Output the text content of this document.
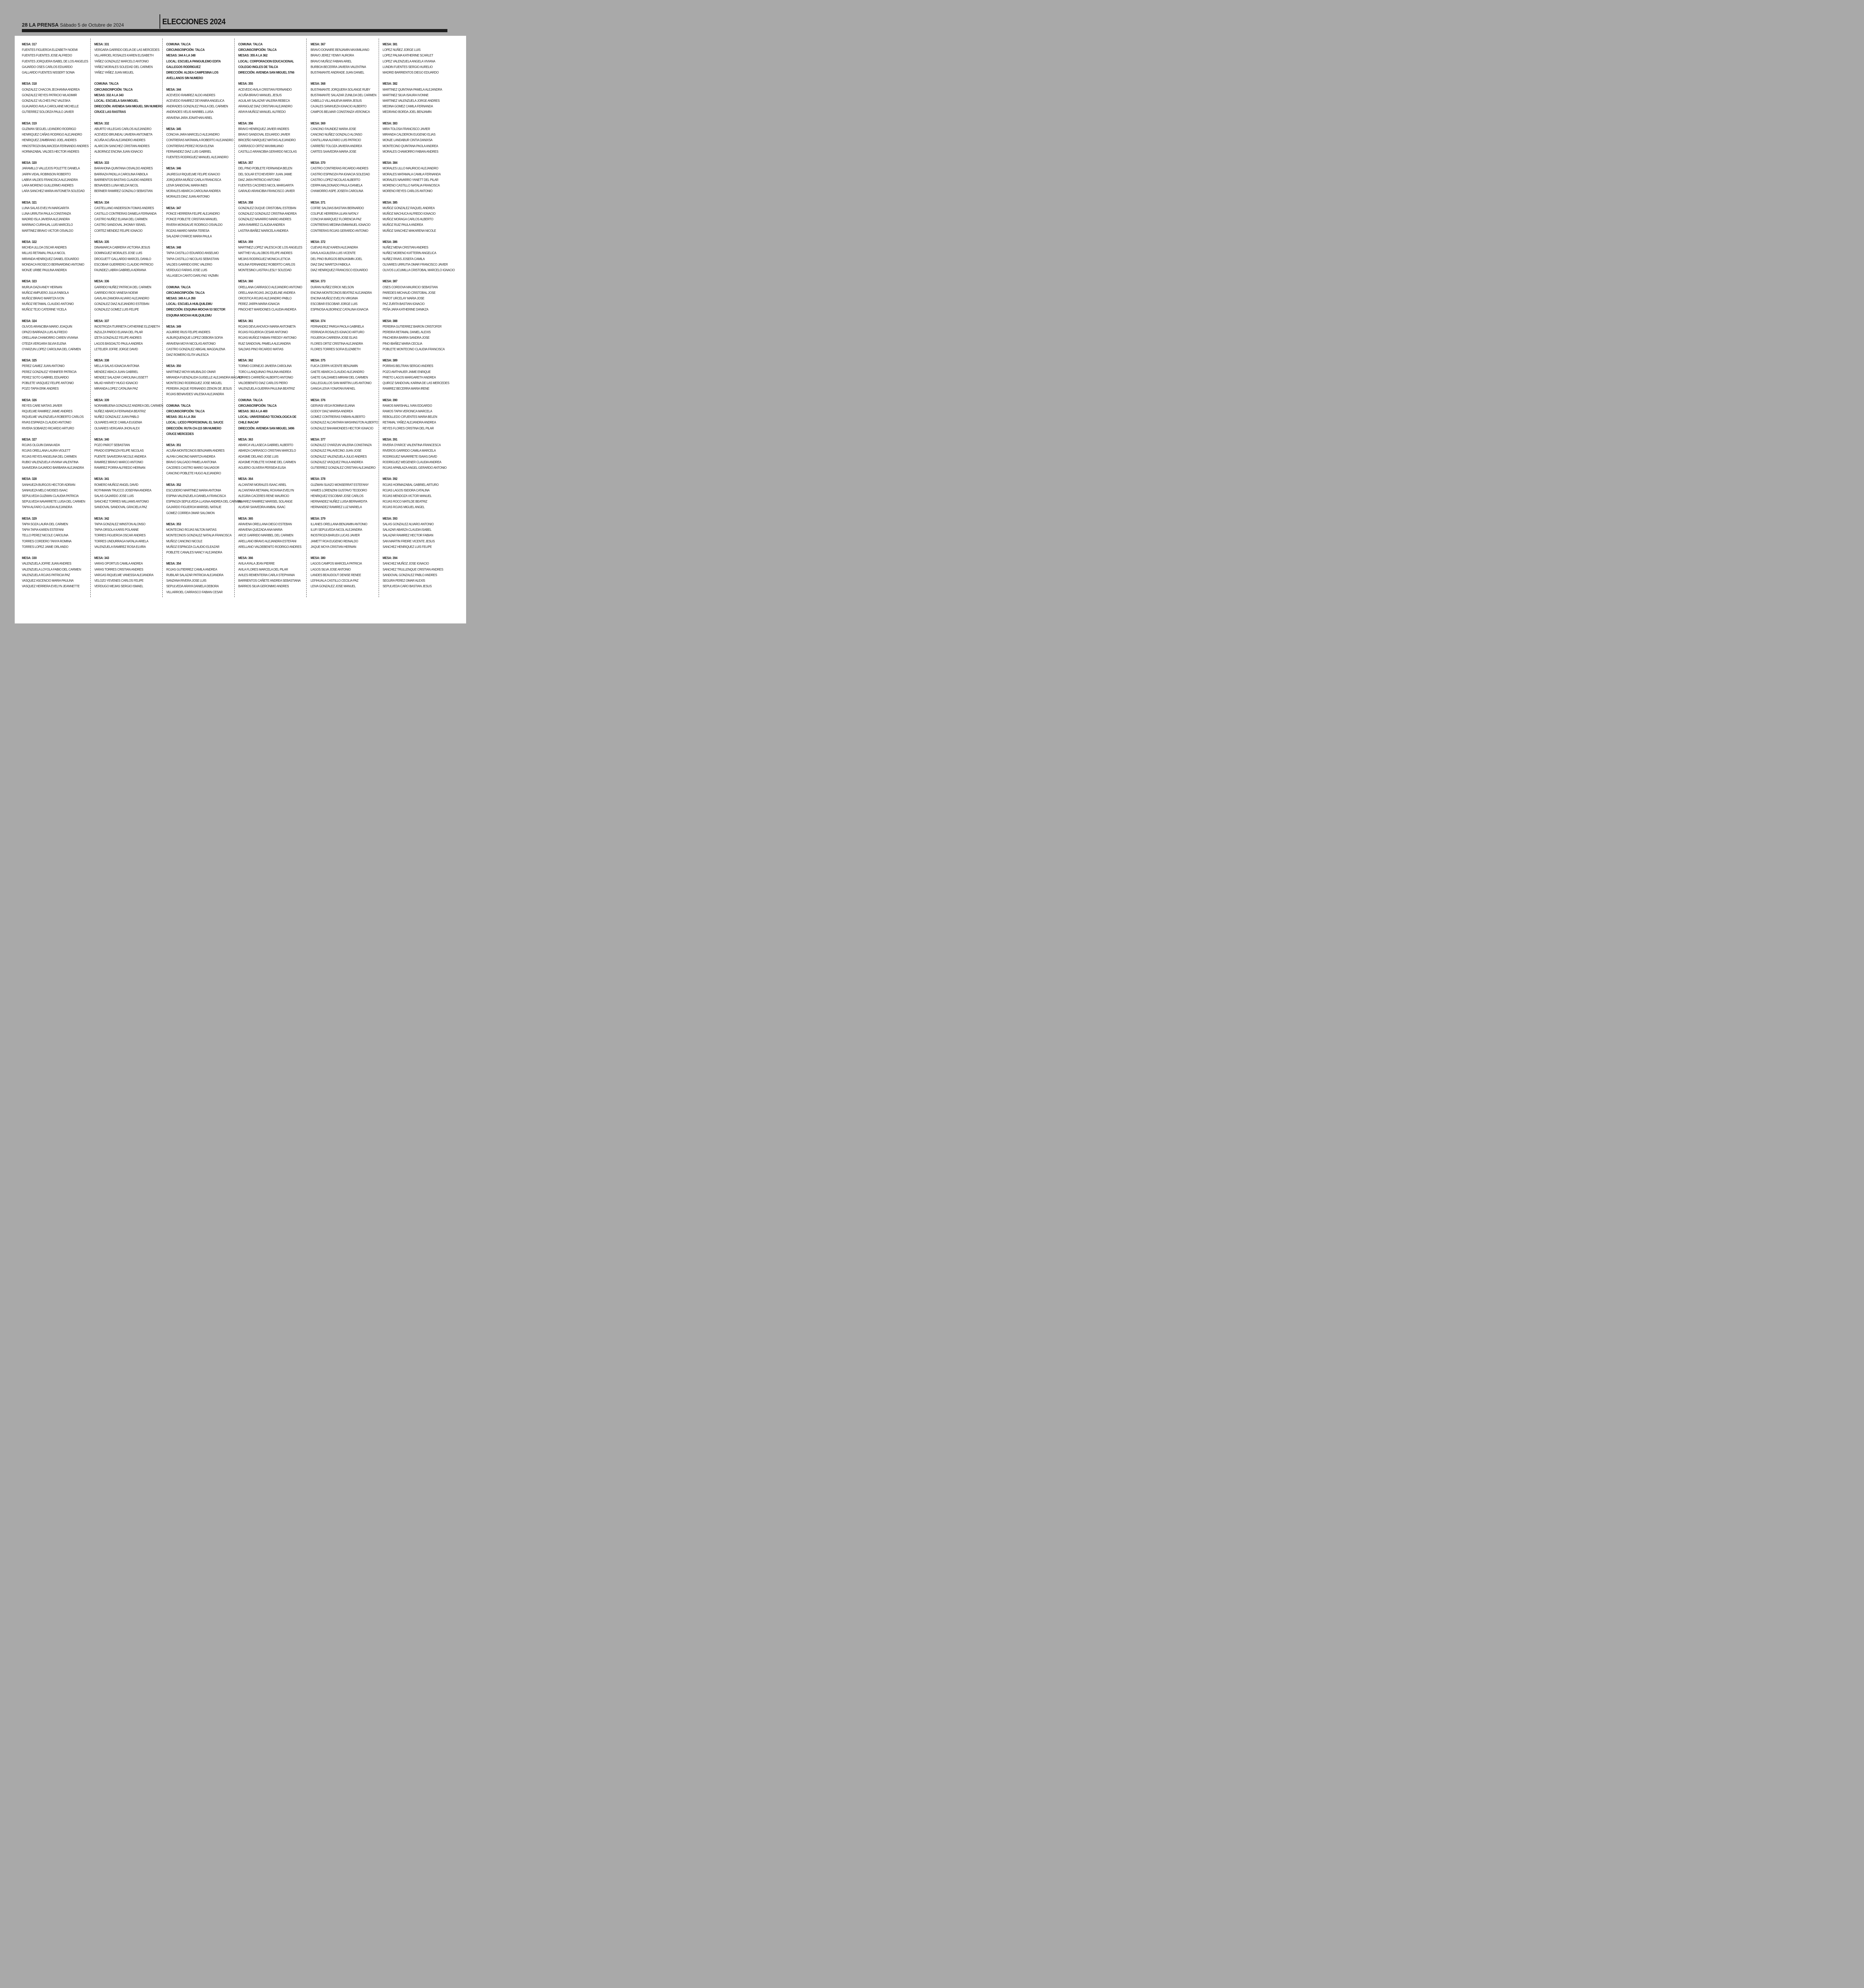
28 LA PRENSA Sábado 5 de Octubre de 2024	ELECCIONES 2024
MESA: 317
FUENTES FIGUEROA ELIZABETH NOEMI
FUENTES FUENTES JOSE ALFREDO
FUENTES JORQUERA ISABEL DE LOS ANGELES
GAJARDO OSES CARLOS EDUARDO
GALLARDO FUENTES NISSERT SONIA
MESA: 318
GONZALEZ CHACON JEOHANNA ANDREA
GONZALEZ REYES PATRICIO WLADIMIR
GONZALEZ VILCHES PAZ VALESKA
GUAJARDO AVILA CAROLAINE MICHELLE
GUTIERREZ SOLORZA PAULO JAVIER
MESA: 319
GUZMAN SEGUEL LEANDRO RODRIGO
HENRIQUEZ CAÑAS RODRIGO ALEJANDRO
HENRIQUEZ ZAMBRANO JOEL ANDRES
HINOSTROZA BALMACEDA FERNANDO ANDRES
HORMAZABAL VALDES HECTOR ANDRES
MESA: 320
JARAMILLO VALLEJOS POLETTE DANIELA
JARPA VIDAL ROBINSON ROBERTO
LABRA VALDES FRANCISCA ALEJANDRA
LARA MORENO GUILLERMO ANDRES
LARA SANCHEZ MARIA ANTONIETA SOLEDAD
MESA: 321
LUNA SALAS EVELYN MARGARITA
LUNA URRUTIA PAULA CONSTANZA
MADRID ISLA JAVIERA ALEJANDRA
MARINAO CURIHUAL LUIS MARCELO
MARTINEZ BRAVO VICTOR OSVALDO
MESA: 322
MICHEA ULLOA OSCAR ANDRES
MILLAS RETAMAL PAULA NICOL
MIRANDA HENRIQUEZ DANIEL EDUARDO
MONDACA RIOSECO BERNARDINO ANTONIO
MONJE URIBE PAULINA ANDREA
MESA: 323
MURUA DAZA ANDY HERNAN
MUÑOZ AMPUERO JULIA FABIOLA
MUÑOZ BRAVO MARITZA IVON
MUÑOZ RETAMAL CLAUDIO ANTONIO
MUÑOZ TEJO CATERINE YICELA
MESA: 324
OLIVOS ARANCIBIA MARIO JOAQUIN
OPAZO BARRAZA LUIS ALFREDO
ORELLANA CHAMORRO CAREN VIVIANA
OTEIZA VERGARA SILVIA ELENA
OYARZUN LOPEZ CAROLINA DEL CARMEN
MESA: 325
PEREZ GAMEZ JUAN ANTONIO
PEREZ GONZALEZ YENNIFER PATRICIA
PEREZ SOTO GABRIEL EDUARDO
POBLETE VASQUEZ FELIPE ANTONIO
POZO TAPIA ERIK ANDRES
MESA: 326
REYES CARE MATIAS JAVIER
RIQUELME RAMIREZ JAIME ANDRES
RIQUELME VALENZUELA ROBERTO CARLOS
RIVAS ESPARZA CLAUDIO ANTONIO
RIVERA SOBARZO RICARDO ARTURO
MESA: 327
ROJAS OLGUIN DIANA AIDA
ROJAS ORELLANA LAURA VIOLETT
ROJAS REYES ANGELINA DEL CARMEN
RUBIO VALENZUELA VIVIANA VALENTINA
SAAVEDRA GAJARDO BARBARA ALEJANDRA
MESA: 328
SANHUEZA BURGOS HECTOR ADRIAN
SANHUEZA MELO MOISES ISAAC
SEPULVEDA GUZMAN CLAUDIA PATRICIA
SEPULVEDA NAVARRETE LUISA DEL CARMEN
TAPIA ALFARO CLAUDIA ALEJANDRA
MESA: 329
TAPIA SOZA LAURA DEL CARMEN
TAPIA TAPIA KAREN ESTEFANI
TELLO PEREZ NICOLE CAROLINA
TORRES CORDERO TANYA ROMINA
TORRES LOPEZ JAIME ORLANDO
MESA: 330
VALENZUELA JOFRE JUAN ANDRES
VALENZUELA LOYOLA FABIO DEL CARMEN
VALENZUELA ROJAS PATRICIA PAZ
VASQUEZ ASCENCIO MARIA PAULINA
VASQUEZ HERRERA EVELYN JEANNETTE
MESA: 331
VERGARA GARRIDO DELIA DE LAS MERCEDES
VILLARROEL ROSALES KAREN ELISABETH
YAÑEZ GONZALEZ MARCELO ANTONIO
YAÑEZ MORALES SOLEDAD DEL CARMEN
YAÑEZ YAÑEZ JUAN MIGUEL
COMUNA: TALCA
CIRCUNSCRIPCIÓN: TALCA
MESAS: 332 A LA 343
LOCAL: ESCUELA SAN MIGUEL
DIRECCIÓN: AVENIDA SAN MIGUEL SIN NUMERO
CRUCE LAS RASTRAS
MESA: 332
ABURTO VILLEGAS CARLOS ALEJANDRO
ACEVEDO BRUNEAU JAVIERA ANTONIETA
ACUÑA ACUÑA ALEJANDRO ANDRES
ALARCON SANCHEZ CRISTIAN ANDRES
ALBORNOZ ENCINA JUAN IGNACIO
MESA: 333
BARAHONA QUINTANA OSVALDO ANDRES
BARRAZA PADILLA CAROLINA FABIOLA
BARRIENTOS BASTIAS CLAUDIO ANDRES
BENAVIDES LUNA NELDA NICOL
BERNIER RAMIREZ GONZALO SEBASTIAN
MESA: 334
CASTELLANO ANDERSON TOMAS ANDRES
CASTILLO CONTRERAS DANIELA FERNANDA
CASTRO NUÑEZ ELIANA DEL CARMEN
CASTRO SANDOVAL JHONNY ISRAEL
CORTEZ MENDEZ FELIPE IGNACIO
MESA: 335
DINAMARCA CABRERA VICTORIA JESUS
DOMINGUEZ MORALES JOSE LUIS
DROGUETT GALLARDO MARCEL DANILO
ESCOBAR GUERRERO CLAUDIO PATRICIO
FAUNDEZ LABRA GABRIELA ADRIANA
MESA: 336
GARRIDO NUÑEZ PATRICIA DEL CARMEN
GARRIDO RIOS VANESA NOEMI
GAVILAN ZAMORA ALVARO ALEJANDRO
GONZALEZ DIAZ ALEJANDRO ESTEBAN
GONZALEZ GOMEZ LUIS FELIPE
MESA: 337
INOSTROZA ITURRIETA CATHERINE ELIZABETH
INZULZA PARDO ELIANA DEL PILAR
IZETA GONZALEZ FELIPE ANDRES
LAGOS BASOALTO PAULA ANDREA
LETELIER JOFRE JORGE DAVID
MESA: 338
MELLA SALAS IGNACIA ANTONIA
MENDEZ ABACA JUAN GABRIEL
MENDEZ SALAZAR CAROLINA LISSETT
MILAD HARVEY HUGO IGNACIO
MIRANDA LOPEZ CATALINA PAZ
MESA: 339
NORAMBUENA GONZALEZ ANDREA DEL CARMEN
NUÑEZ ABARCA FERNANDA BEATRIZ
NUÑEZ GONZALEZ JUAN PABLO
OLIVARES ARCE CAMILA EUGENIA
OLIVARES VERGARA JHON ALEX
MESA: 340
POZO PAROT SEBASTIAN
PRADO ESPINOZA FELIPE NICOLAS
PUENTE SAAVEDRA NICOLE ANDREA
RAMIREZ BRAVO MARCO ANTONIO
RAMIREZ PORRA ALFREDO HERNAN
MESA: 341
ROMERO MUÑOZ ANGEL DAVID
ROTHMANN TRUCCO JOSEFINA ANDREA
SALAS GAJARDO JOSE LUIS
SANCHEZ TORRES WILLIAMS ANTONIO
SANDOVAL SANDOVAL GRACIELA PAZ
MESA: 342
TAPIA GONZALEZ WINSTON ALONSO
TAPIA ORSOLA KARIS POLANNE
TORRES FIGUEROA OSCAR ANDRES
TORRES UNDURRAGA NATALIA ARIELA
VALENZUELA RAMIREZ ROSA ELVIRA
MESA: 343
VARAS OPORTUS CAMILA ANDREA
VARAS TORRES CRISTIAN ANDRES
VARGAS RIQUELME VANESSA ALEJANDRA
VELOZO YEVENES CARLOS FELIPE
VERDUGO MEJIAS SERGIO ISMAEL
COMUNA: TALCA
CIRCUNSCRIPCIÓN: TALCA
MESAS: 344 A LA 348
LOCAL: ESCUELA PANGUILEMO EDITA
GALLEGOS RODRIGUEZ
DIRECCIÓN: ALDEA CAMPESINA LOS
AVELLANOS SIN NUMERO
MESA: 344
ACEVEDO RAMIREZ ALDO ANDRES
ACEVEDO RAMIREZ DEYANIRA ANGELICA
ANDRADES GONZALEZ PAULA DEL CARMEN
ANDRADES VELIS MARIBEL LUISA
ARAVENA JARA JONATHAN ARIEL
MESA: 345
CONCHA JARA MARCELO ALEJANDRO
CONTRERAS MATAMALA ROBERTO ALEJANDRO
CONTRERAS PEREZ ROSA ELENA
FERNANDEZ DIAZ LUIS GABRIEL
FUENTES RODRIGUEZ MANUEL ALEJANDRO
MESA: 346
JAUREGUI RIQUELME FELIPE IGNACIO
JORQUERA MUÑOZ CARLA FRANCISCA
LEIVA SANDOVAL MARIA INES
MORALES ABARCA CAROLINA ANDREA
MORALES DIAZ JUAN ANTONIO
MESA: 347
PONCE HERRERA FELIPE ALEJANDRO
PONCE POBLETE CRISTIAN MANUEL
RIVERA MONSALVE RODRIGO OSVALDO
ROZAS AMARO MARIA TERESA
SALAZAR OYARCE MARIA PAULA
MESA: 348
TAPIA CASTILLO EDUARDO ANSELMO
TAPIA CASTILLO NICOLAS SEBASTIAN
VALDES GARRIDO ERIC VALERIO
VERDUGO FARIAS JOSE LUIS
VILLASECA CANTO DARLYNG YAZMIN
COMUNA: TALCA
CIRCUNSCRIPCIÓN: TALCA
MESAS: 349 A LA 350
LOCAL: ESCUELA HUILQUILEMU
DIRECCIÓN: ESQUINA MOCHA 53 SECTOR
ESQUINA MOCHA HUILQUILEMU
MESA: 349
AGUIRRE RIUS FELIPE ANDRES
ALBURQUENQUE LOPEZ DEBORA SOFIA
ARAVENA MOYA NICOLAS ANTONIO
CASTRO GONZALEZ ABIGAIL MAGDALENA
DIAZ ROMERO ELITA VALESCA
MESA: 350
MARTINEZ MOYA WILIBALDO OMAR
MIRANDA FUENZALIDA GUISELLE ALEJANDRA MAGALY
MONTECINO RODRIGUEZ JOSE MIGUEL
PEREIRA JAQUE FERNANDO ZENON DE JESUS
ROJAS BENAVIDES VALESKA ALEJANDRA
COMUNA: TALCA
CIRCUNSCRIPCIÓN: TALCA
MESAS: 351 A LA 354
LOCAL: LICEO PROFESIONAL EL SAUCE
DIRECCIÓN: RUTA CH-115 SIN NUMERO
CRUCE MERCEDES
MESA: 351
ACUÑA MONTECINOS BENJAMIN ANDRES
ALFAN CANCINO MARITZA ANDREA
BRAVO SALGADO PAMELA ANTONIA
CACERES CASTRO MARIO SALVADOR
CANCINO POBLETE HUGO ALEJANDRO
MESA: 352
ESCUDERO MARTINEZ MARIA ANTONIA
ESPINA VALENZUELA DANIELA FRANCISCA
ESPINOZA SEPULVEDA LLASNA ANDREA DEL CARMEN
GAJARDO FIGUEROA MARISEL NATALIE
GOMEZ CORREA OMAR SALOMON
MESA: 353
MONTECINO ROJAS NILTON MATIAS
MONTECINOS GONZALEZ NATALIA FRANCISCA
MUÑOZ CANCINO NICOLE
MUÑOZ ESPINOZA CLAUDIO ELEAZAR
POBLETE CANALES NANCY ALEJANDRA
MESA: 354
ROJAS GUTIERREZ CAMILA ANDREA
RUBILAR SALAZAR PATRICIA ALEJANDRA
SANZANA RIVERA JOSE LUIS
SEPULVEDA ARAYA DANIELA DEBORA
VILLARROEL CARRASCO FABIAN CESAR
COMUNA: TALCA
CIRCUNSCRIPCIÓN: TALCA
MESAS: 355 A LA 362
LOCAL: CORPORACION EDUCACIONAL
COLEGIO INGLES DE TALCA
DIRECCIÓN: AVENIDA SAN MIGUEL 5766
MESA: 355
ACEVEDO AVILA CRISTIAN FERNANDO
ACUÑA BRAVO MANUEL JESUS
AGUILAR SALAZAR VALERIA REBECA
ARANGUIZ DIAZ CRISTIAN ALEJANDRO
ARAYA MUÑOZ MANUEL ALFREDO
MESA: 356
BRAVO HENRIQUEZ JAVIER ANDRES
BRAVO SANDOVAL EDUARDO JAVIER
BRICEÑO MARQUEZ MATIAS ALEJANDRO
CARRASCO ORTIZ MAXIMILIANO
CASTILLO ARANCIBIA GERARDO NICOLAS
MESA: 357
DEL PINO POBLETE FERNANDA BELEN
DEL SOLAR ETCHEVERRY JUAN JAIME
DIAZ JARA PATRICIO ANTONIO
FUENTES CACERES NICOL MARGARITA
GARAUD ARANCIBIA FRANCISCO JAVIER
MESA: 358
GONZALEZ DUQUE CRISTOBAL ESTEBAN
GONZALEZ GONZALEZ CRISTINA ANDREA
GONZALEZ NAVARRO MARIO ANDRES
JARA RAMIREZ CLAUDIA ANDREA
LASTRA IBAÑEZ MARICELA ANDREA
MESA: 359
MARTINEZ LOPEZ VALESCA DE LOS ANGELES
MATTHEI VILLALOBOS FELIPE ANDRES
MEJIAS RODRIGUEZ MONICA LETICIA
MOLINA FERNANDEZ ROBERTO CARLOS
MONTESINO LASTRA LESLY SOLEDAD
MESA: 360
ORELLANA CARRASCO ALEJANDRO ANTONIO
ORELLANA ROJAS JACQUELINE ANDREA
OROSTICA ROJAS ALEJANDRO PABLO
PEREZ JARPA MARIA IGNACIA
PINOCHET MARDONES CLAUDIA ANDREA
MESA: 361
ROJAS DEVLAHOVICH MARIA ANTONIETA
ROJAS FIGUEROA CESAR ANTONIO
ROJAS MUÑOZ FABIAN FREDDY ANTONIO
RUIZ SANDOVAL PAMELA ALEJANDRA
SALDIAS PINO RICARDO MATIAS
MESA: 362
TORMO CORNEJO JAVIERA CAROLINA
TORO LLANQUINAO PAULINA ANDREA
TORRES CARREÑO ALBERTO ANTONIO
VALDEBENITO DIAZ CARLOS PIERO
VALENZUELA GUERRA PAULINA BEATRIZ
COMUNA: TALCA
CIRCUNSCRIPCIÓN: TALCA
MESAS: 363 A LA 400
LOCAL: UNIVERSIDAD TECNOLOGICA DE
CHILE INACAP
DIRECCIÓN: AVENIDA SAN MIGUEL 3496
MESA: 363
ABARCA VILLASECA GABRIEL ALBERTO
ABARZA CARRASCO CRISTIAN MARCELO
ADASME DELANO JOSE LUIS
ADASME POBLETE IVONNE DEL CARMEN
AGUERO OLIVERA PERSIDA ELISA
MESA: 364
ALCANTAR MORALES ISAAC ARIEL
ALCANTARA RETAMAL ROXANA EVELYN
ALEGRIA CACERES RENE MAURICIO
ALVAREZ RAMIREZ MARISEL SOLANGE
ALVEAR SAAVEDRA ANIBAL ISAAC
MESA: 365
ARAVENA ORELLANA DIEGO ESTEBAN
ARAVENA QUEZADA ANA MARIA
ARCE GARRIDO MARIBEL DEL CARMEN
ARELLANO BRAVO ALEJANDRA ESTEFANI
ARELLANO VALDEBENITO RODRIGO ANDRES
MESA: 366
AVILA AYALA JEAN PIERRE
AVILA FLORES MARCELA DEL PILAR
AVILES REMENTERIA CARLA STEPHANIA
BARRIENTOS CAÑETE ANDREA SEBASTIANA
BARRIOS SILVA GERONIMO ANDRES
MESA: 367
BRAVO DONAIRE BENJAMIN MAXIMILIANO
BRAVO JEREZ YENNY AURORA
BRAVO MUÑOZ FABIAN ARIEL
BURBOA BECERRA JAVIERA VALENTINA
BUSTAMANTE ANDRADE JUAN DANIEL
MESA: 368
BUSTAMANTE JORQUERA SOLANGE RUBY
BUSTAMANTE SALAZAR ZUNILDA DEL CARMEN
CABELLO VILLANUEVA MARIA JESUS
CAJALES SANHUEZA IGNACIO ALBERTO
CAMPOS BELMAR CONSTANZA VERONICA
MESA: 369
CANCINO FAUNDEZ MARIA JOSE
CANCINO NUÑEZ GONZALO ALONSO
CANTILLANA ALFARO LUIS PATRICIO
CARREÑO TOLOZA JAVIERA ANDREA
CARTES SAAVEDRA MARIA JOSE
MESA: 370
CASTRO CONTRERAS RICARDO ANDRES
CASTRO ESPINOZA PIA IGNACIA SOLEDAD
CASTRO LOPEZ NICOLAS ALBERTO
CERPA MALDONADO PAULA DANIELA
CHAMORRO ASPE JOSEFA CAROLINA
MESA: 371
COFRE SALDIAS BASTIAN BERNARDO
COLIPUE HERRERA LILIAN NATALY
CONCHA MARQUEZ FLORENCIA PAZ
CONTRERAS MEDINA EMMANUEL IGNACIO
CONTRERAS ROJAS GERARDO ANTONIO
MESA: 372
CUEVAS RUIZ KAREN ALEJANDRA
DAVILA AGUILERA LUIS VICENTE
DEL PINO BURGOS BENJASMIN JOEL
DIAZ DIAZ MARITZA FABIOLA
DIAZ HENRIQUEZ FRANCISCO EDUARDO
MESA: 373
DURAN NUÑEZ ERICK NELSON
ENCINA MONTECINOS BEATRIZ ALEJANDRA
ENCINA MUÑOZ EVELYN VIRGINIA
ESCOBAR ESCOBAR JORGE LUIS
ESPINOSA ALBORNOZ CATALINA IGNACIA
MESA: 374
FERNANDEZ PARGA PAOLA GABRIELA
FERRADA ROSALES IGNACIO ARTURO
FIGUEROA CARRERA JOSE ELIAS
FLORES ORTIZ CRISTINA ALEJANDRA
FLORES TORRES SOFIA ELIZABETH
MESA: 375
FUICA CERPA VICENTE BENJAMIN
GAETE ABARCA CLAUDIO ALEJANDRO
GAETE GALDAMES MIRIAM DEL CARMEN
GALLEGUILLOS SAN MARTIN LUIS ANTONIO
GANGA LEIVA YONATAN RAFAEL
MESA: 376
GERVASI VEGA ROMINA ELIANA
GODOY DIAZ MARISA ANDREA
GOMEZ CONTRERAS FABIAN ALBERTO
GONZALEZ ALCANTARA WASHINGTON ALBERTO
GONZALEZ BAHAMONDES HECTOR IGNACIO
MESA: 377
GONZALEZ OYARZUN VALERIA CONSTANZA
GONZALEZ PALAVECINO JUAN JOSE
GONZALEZ VALENZUELA JULIO ANDRES
GONZALEZ VASQUEZ PAULA ANDREA
GUTIERREZ GONZALEZ CRISTIAN ALEJANDRO
MESA: 378
GUZMAN SUAZO MONSERRAT ESTEFANY
HAWES LORENZINI GUSTAVO TEODORO
HENRIQUEZ ESCOBAR JOSE CARLOS
HERNANDEZ NUÑEZ LUISA BERNARDITA
HERNANDEZ RAMIREZ LUZ MARIELA
MESA: 379
ILLANES ORELLANA BENJAMIN ANTONIO
ILUFI SEPULVEDA NICOL ALEJANDRA
INOSTROZA BARUDI LUCAS JAVIER
JAMETT ROA EUGENIO REINALDO
JAQUE MOYA CRISTIAN HERNAN
MESA: 380
LAGOS CAMPOS MARCELA PATRICIA
LAGOS SILVA JOSE ANTONIO
LANDES BEAUDOUT DENISE RENEE
LEFIHUALA CASTILLO CECILIA PAZ
LEIVA GONZALEZ JOSE MANUEL
MESA: 381
LOPEZ NUÑEZ JORGE LUIS
LOPEZ PALMA KATHERINE SCARLET
LOPEZ VALENZUELA ANGELA VIVIANA
LUNDIN FUENTES SERGIO AURELIO
MADRID BARRIENTOS DIEGO EDUARDO
MESA: 382
MARTINEZ QUINTANA PAMELA ALEJANDRA
MARTINEZ SILVA ISAURA IVONNE
MARTINEZ VALENZUELA JORGE ANDRES
MEDINA GOMEZ CAMILA FERNANDA
MEDRANO BORDA JOEL BENJAMIN
MESA: 383
MIRA TOLOSA FRANCISCO JAVIER
MIRANDA CALDERON EUGENIO ELIAS
MONJE LANDABUR CINTIA DANIXSA
MONTECINO QUINTANA PAOLA ANDREA
MORALES CHAMORRO FABIAN ANDRES
MESA: 384
MORALES LILLO MAURICIO ALEJANDRO
MORALES MATAMALA CAMILA FERNANDA
MORALES NAVARRO YANETT DEL PILAR
MORENO CASTILLO NATALIA FRANCISCA
MORENO REYES CARLOS ANTONIO
MESA: 385
MUÑOZ GONZALEZ RAQUEL ANDREA
MUÑOZ MACHUCA ALFREDO IGNACIO
MUÑOZ MORAGA CARLOS ALBERTO
MUÑOZ RUIZ PAULA ANDREA
MUÑOZ SANCHEZ MAKARENA NICOLE
MESA: 386
NUÑEZ MENA CRISTIAN ANDRES
NUÑEZ MORENO KATTERIN ANGELICA
NUÑEZ RIVAS JOSEFA CAMILA
OLIVARES URRUTIA OMAR FRANCISCO JAVIER
OLIVOS LUCUMILLA CRISTOBAL MARCELO IGNACIO
MESA: 387
OSES CORDOVA MAURICIO SEBASTIAN
PAREDES MICHAUD CRISTOBAL JOSE
PAROT URCELAY MARIA JOSE
PAZ ZURITA BASTIAN IGNACIO
PEÑA JARA KATHERINE DANIKZA
MESA: 388
PEREIRA GUTIERREZ BAIRON CRISTOFER
PEREIRA RETAMAL DANIEL ALEXIS
PINCHEIRA BARRA SANDRA JOSE
PINO IBAÑEZ MARIA CECILIA
POBLETE MONTECINO CLAUDIA FRANCISCA
MESA: 389
PORRAS BELTRAN SERGIO ANDRES
POZO AMTHAUER JAIME ENRIQUE
PRIETO LAGOS MARGARETH ANDREA
QUIROZ SANDOVAL KARINA DE LAS MERCEDES
RAMIREZ BECERRA MARIA IRENE
MESA: 390
RAMOS MARSHALL IVAN EDGARDO
RAMOS TAPIA VERONICA MARCELA
REBOLLEDO CIFUENTES MARIA BELEN
RETAMAL YAÑEZ ALEJANDRA ANDREA
REYES FLORES CRISTINA DEL PILAR
MESA: 391
RIVERA OYARCE VALENTINA FRANCESCA
RIVEROS GARRIDO CAMILA MARCELA
RODRIGUEZ NAVARRETE ISAIAS DAVID
RODRIGUEZ WEGENER CLAUDIA ANDREA
ROJAS APABLAZA ANGEL GERARDO ANTONIO
MESA: 392
ROJAS HORMAZABAL GABRIEL ARTURO
ROJAS LAGOS ISIDORA CATALINA
ROJAS MENDOZA VICTOR MANUEL
ROJAS ROCO MATILDE BEATRIZ
ROJAS ROJAS MIGUEL ANGEL
MESA: 393
SALAS GONZALEZ ALVARO ANTONIO
SALAZAR ABARZA CLAUDIA ISABEL
SALAZAR RAMIREZ HECTOR FABIAN
SAN MARTIN FREIRE VICENTE JESUS
SANCHEZ HENRIQUEZ LUIS FELIPE
MESA: 394
SANCHEZ MUÑOZ JOSE IGNACIO
SANCHEZ TRULLENQUE CRISTIAN ANDRES
SANDOVAL GONZALEZ PABLO ANDRES
SEGURA PEREZ OMAR ALEXIS
SEPULVEDA CARO BASTIAN JESUS
